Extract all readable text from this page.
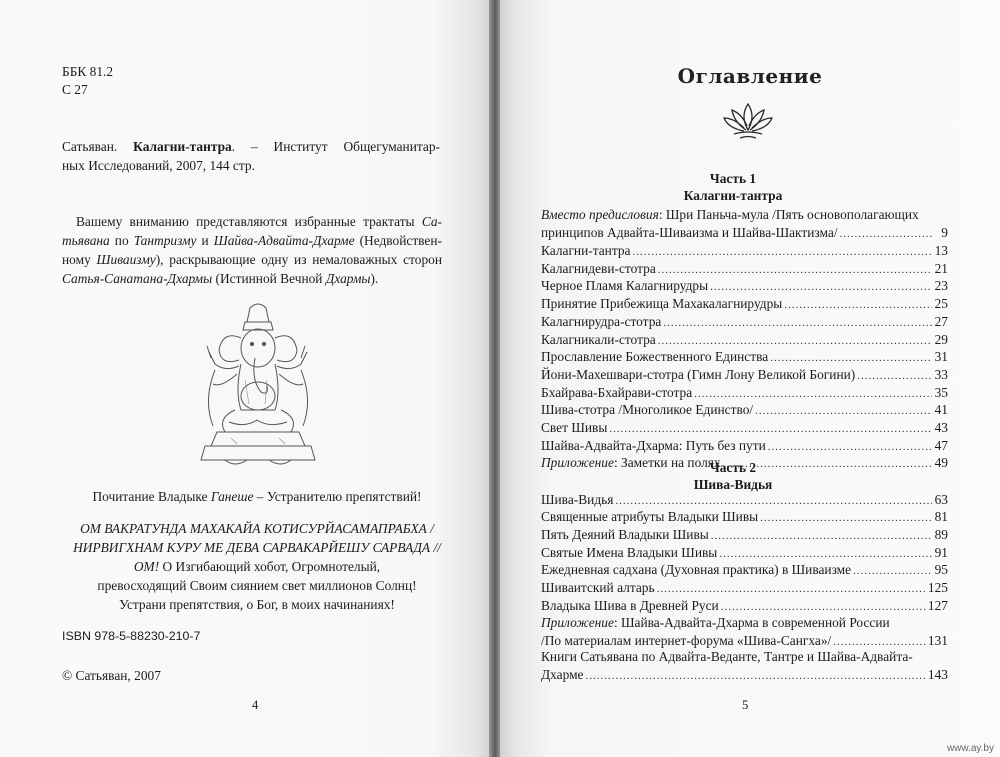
ББК 81.2
С 27
Сатьяван. Калагни-тантра. – Институт Общегуманитар-
ных Исследований, 2007, 144 стр.
Вашему вниманию представляются избранные трактаты Са-
тьявана по Тантризму и Шайва-Адвайта-Дхарме (Недвойствен-
ному Шиваизму), раскрывающие одну из немаловажных сторон
Сатья-Санатана-Дхармы (Истинной Вечной Дхармы).
Почитание Владыке Ганеше – Устранителю препятствий!
ОМ ВАКРАТУНДА МАХАКАЙА КОТИСУРЙАСАМАПРАБХА /
НИРВИГХНАМ КУРУ МЕ ДЕВА САРВАКАРЙЕШУ САРВАДА //
ОМ! О Изгибающий хобот, Огромнотелый,
превосходящий Своим сиянием свет миллионов Солнц!
Устрани препятствия, о Бог, в моих начинаниях!
ISBN 978-5-88230-210-7
© Сатьяван, 2007
4
Оглавление
Часть 1
Калагни-тантра
Вместо предисловия: Шри Паньча-мула /Пять основополагающих
принципов Адвайта-Шиваизма и Шайва-Шактизма/ .....	9
Калагни-тантра .....	13
Калагнидеви-стотра .....	21
Черное Пламя Калагнирудры .....	23
Принятие Прибежища Махакалагнирудры .....	25
Калагнирудра-стотра .....	27
Калагникали-стотра .....	29
Прославление Божественного Единства .....	31
Йони-Махешвари-стотра (Гимн Лону Великой Богини) .....	33
Бхайрава-Бхайрави-стотра .....	35
Шива-стотра /Многоликое Единство/ .....	41
Свет Шивы .....	43
Шайва-Адвайта-Дхарма: Путь без пути .....	47
Приложение: Заметки на полях .....	49
Часть 2
Шива-Видья
Шива-Видья .....	63
Священные атрибуты Владыки Шивы .....	81
Пять Деяний Владыки Шивы .....	89
Святые Имена Владыки Шивы .....	91
Ежедневная садхана (Духовная практика) в Шиваизме .....	95
Шиваитский алтарь .....	125
Владыка Шива в Древней Руси .....	127
Приложение: Шайва-Адвайта-Дхарма в современной России
/По материалам интернет-форума «Шива-Сангха»/ .....	131
Книги Сатьявана по Адвайта-Веданте, Тантре и Шайва-Адвайта-
Дхарме .....	143
5
www.ay.by
